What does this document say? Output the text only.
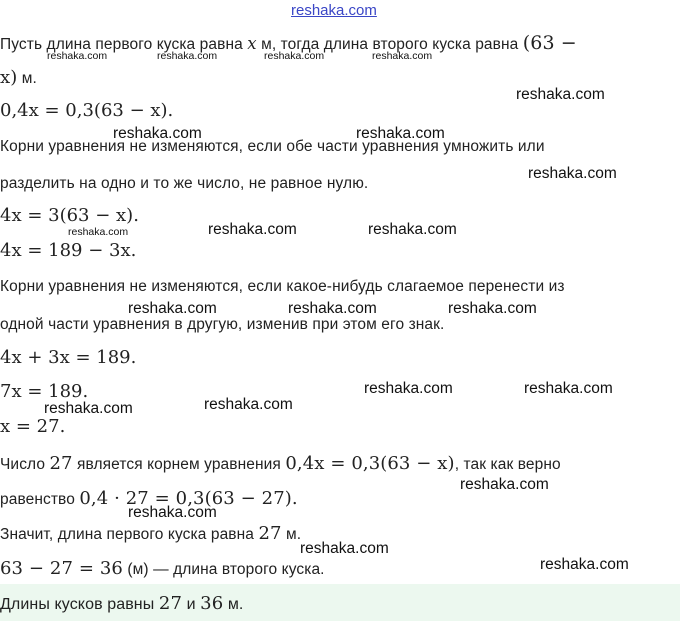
reshaka.com
Пусть длина первого куска равна x м, тогда длина второго куска равна (63 −
reshaka.com	reshaka.com	reshaka.com	reshaka.com
x) м.
reshaka.com
0,4x = 0,3(63 − x).
reshaka.com	reshaka.com
Корни уравнения не изменяются, если обе части уравнения умножить или
reshaka.com
разделить на одно и то же число, не равное нулю.
4x = 3(63 − x).
reshaka.com	reshaka.com	reshaka.com
4x = 189 − 3x.
Корни уравнения не изменяются, если какое-нибудь слагаемое перенести из
reshaka.com	reshaka.com	reshaka.com
одной части уравнения в другую, изменив при этом его знак.
4x + 3x = 189.
reshaka.com	reshaka.com
7x = 189.
reshaka.com	reshaka.com
x = 27.
Число 27 является корнем уравнения 0,4x = 0,3(63 − x), так как верно
reshaka.com
равенство 0,4 · 27 = 0,3(63 − 27).
reshaka.com
Значит, длина первого куска равна 27 м.
reshaka.com
reshaka.com
63 − 27 = 36 (м) — длина второго куска.
Длины кусков равны 27 и 36 м.
